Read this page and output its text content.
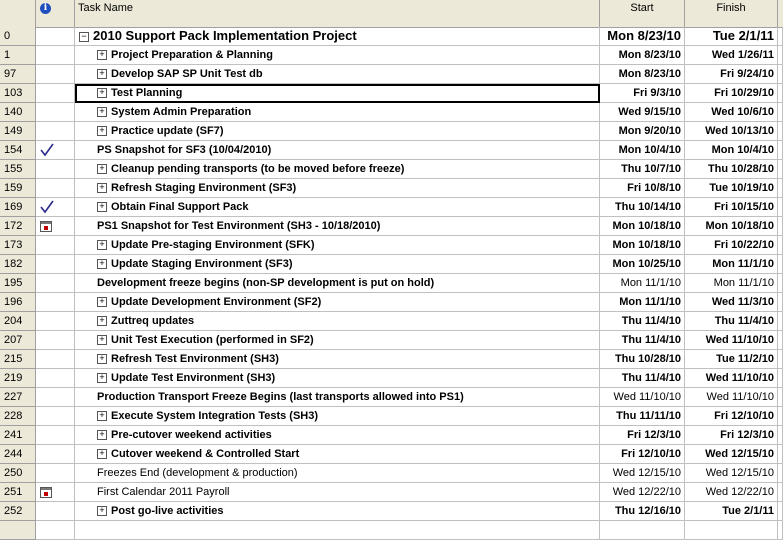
i	Task Name	Start	Finish
0	− 2010 Support Pack Implementation Project	Mon 8/23/10	Tue 2/1/11
1	+ Project Preparation & Planning	Mon 8/23/10	Wed 1/26/11
97	+ Develop SAP SP Unit Test db	Mon 8/23/10	Fri 9/24/10
103	+ Test Planning	Fri 9/3/10	Fri 10/29/10
140	+ System Admin Preparation	Wed 9/15/10	Wed 10/6/10
149	+ Practice update (SF7)	Mon 9/20/10	Wed 10/13/10
154	PS Snapshot for SF3 (10/04/2010)	Mon 10/4/10	Mon 10/4/10
155	+ Cleanup pending transports (to be moved before freeze)	Thu 10/7/10	Thu 10/28/10
159	+ Refresh Staging Environment (SF3)	Fri 10/8/10	Tue 10/19/10
169	+ Obtain Final Support Pack	Thu 10/14/10	Fri 10/15/10
172	PS1 Snapshot for Test Environment (SH3 - 10/18/2010)	Mon 10/18/10	Mon 10/18/10
173	+ Update Pre-staging Environment (SFK)	Mon 10/18/10	Fri 10/22/10
182	+ Update Staging Environment (SF3)	Mon 10/25/10	Mon 11/1/10
195	Development freeze begins (non-SP development is put on hold)	Mon 11/1/10	Mon 11/1/10
196	+ Update Development Environment (SF2)	Mon 11/1/10	Wed 11/3/10
204	+ Zuttreq updates	Thu 11/4/10	Thu 11/4/10
207	+ Unit Test Execution (performed in SF2)	Thu 11/4/10	Wed 11/10/10
215	+ Refresh Test Environment (SH3)	Thu 10/28/10	Tue 11/2/10
219	+ Update Test Environment (SH3)	Thu 11/4/10	Wed 11/10/10
227	Production Transport Freeze Begins (last transports allowed into PS1)	Wed 11/10/10	Wed 11/10/10
228	+ Execute System Integration Tests (SH3)	Thu 11/11/10	Fri 12/10/10
241	+ Pre-cutover weekend activities	Fri 12/3/10	Fri 12/3/10
244	+ Cutover weekend & Controlled Start	Fri 12/10/10	Wed 12/15/10
250	Freezes End (development & production)	Wed 12/15/10	Wed 12/15/10
251	First Calendar 2011 Payroll	Wed 12/22/10	Wed 12/22/10
252	+ Post go-live activities	Thu 12/16/10	Tue 2/1/11
